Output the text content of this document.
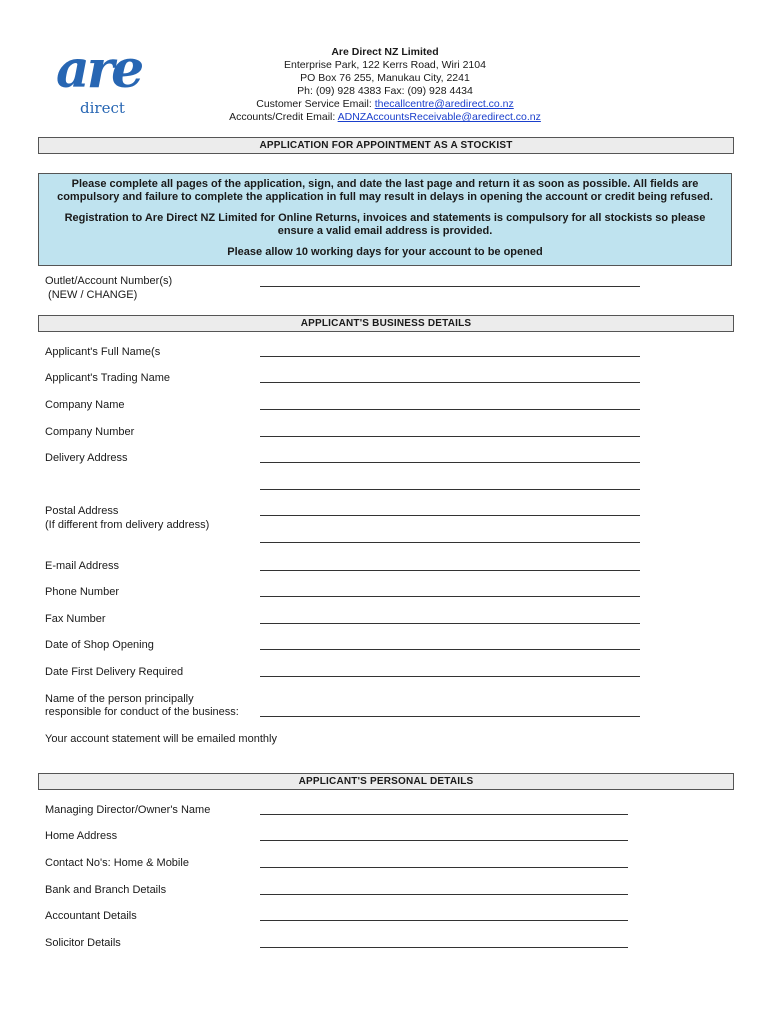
are
direct
Are Direct NZ Limited
Enterprise Park, 122 Kerrs Road, Wiri 2104
PO Box 76 255, Manukau City, 2241
Ph: (09) 928 4383 Fax: (09) 928 4434
Customer Service Email: thecallcentre@aredirect.co.nz
Accounts/Credit Email: ADNZAccountsReceivable@aredirect.co.nz
APPLICATION FOR APPOINTMENT AS A STOCKIST

Please complete all pages of the application, sign, and date the last page and return it as soon as possible. All fields are compulsory and failure to complete the application in full may result in delays in opening the account or credit being refused.

Registration to Are Direct NZ Limited for Online Returns, invoices and statements is compulsory for all stockists so please ensure a valid email address is provided.

Please allow 10 working days for your account to be opened

Outlet/Account Number(s)
(NEW / CHANGE)
APPLICANT'S BUSINESS DETAILS
Applicant's Full Name(s
Applicant's Trading Name
Company Name
Company Number
Delivery Address
Postal Address
(If different from delivery address)
E-mail Address
Phone Number
Fax Number
Date of Shop Opening
Date First Delivery Required
Name of the person principally
responsible for conduct of the business:
Your account statement will be emailed monthly
APPLICANT'S PERSONAL DETAILS
Managing Director/Owner's Name
Home Address
Contact No's: Home & Mobile
Bank and Branch Details
Accountant Details
Solicitor Details
